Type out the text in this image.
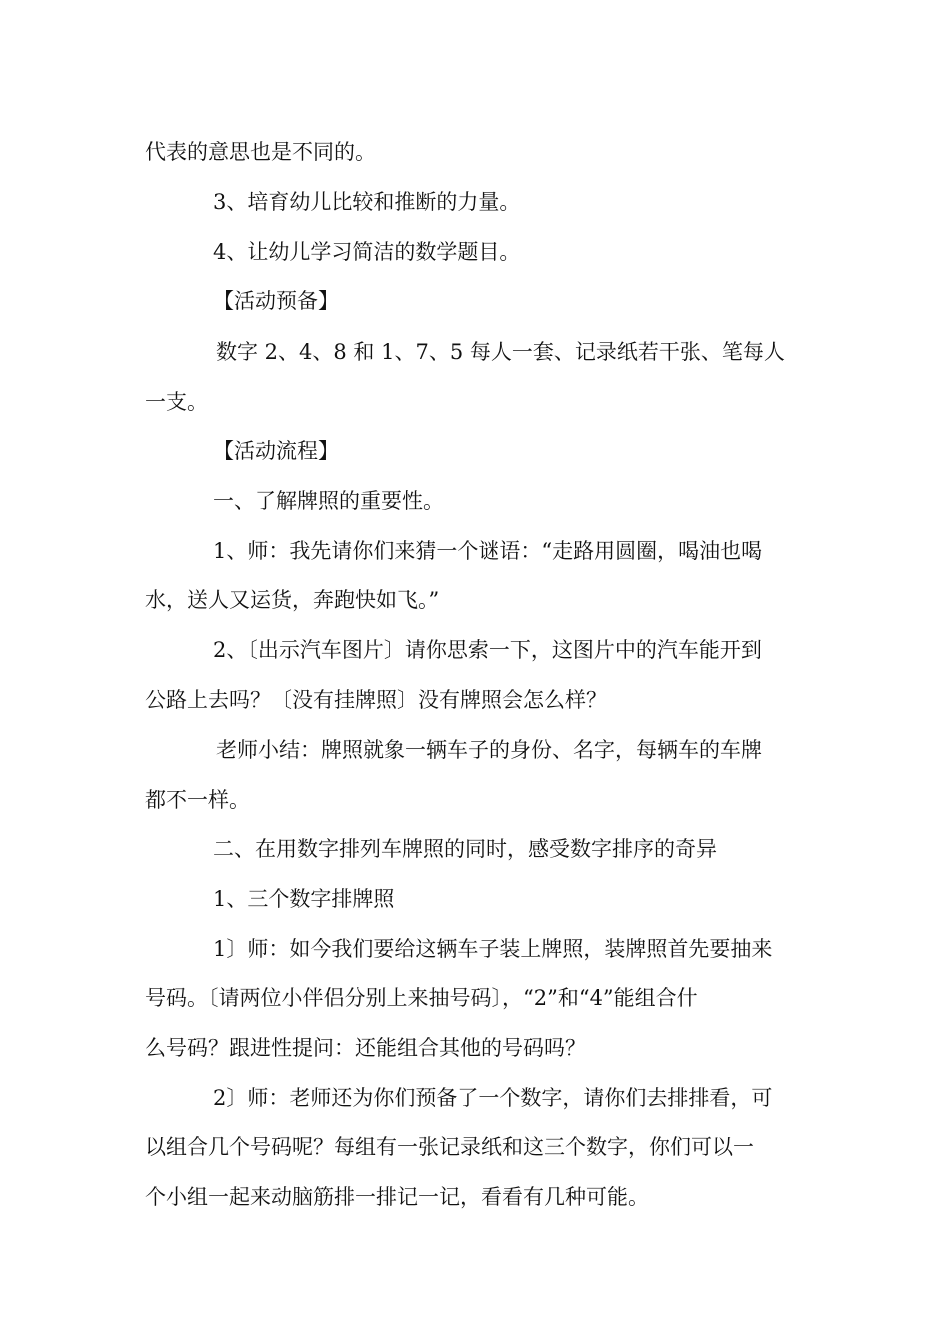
代表的意思也是不同的。
3、培育幼儿比较和推断的力量。
4、让幼儿学习简洁的数学题目。
【活动预备】
数字 2、4、8 和 1、7、5 每人一套、记录纸若干张、笔每人
一支。
【活动流程】
一、了解牌照的重要性。
1、师：我先请你们来猜一个谜语：“走路用圆圈，喝油也喝
水，送人又运货，奔跑快如飞。”
2、〔出示汽车图片〕请你思索一下，这图片中的汽车能开到
公路上去吗？〔没有挂牌照〕没有牌照会怎么样？
老师小结：牌照就象一辆车子的身份、名字，每辆车的车牌
都不一样。
二、在用数字排列车牌照的同时，感受数字排序的奇异
1、三个数字排牌照
1〕师：如今我们要给这辆车子装上牌照，装牌照首先要抽来
号码。〔请两位小伴侣分别上来抽号码〕，“2”和“4”能组合什
么号码？跟进性提问：还能组合其他的号码吗？
2〕师：老师还为你们预备了一个数字，请你们去排排看，可
以组合几个号码呢？每组有一张记录纸和这三个数字，你们可以一
个小组一起来动脑筋排一排记一记，看看有几种可能。
